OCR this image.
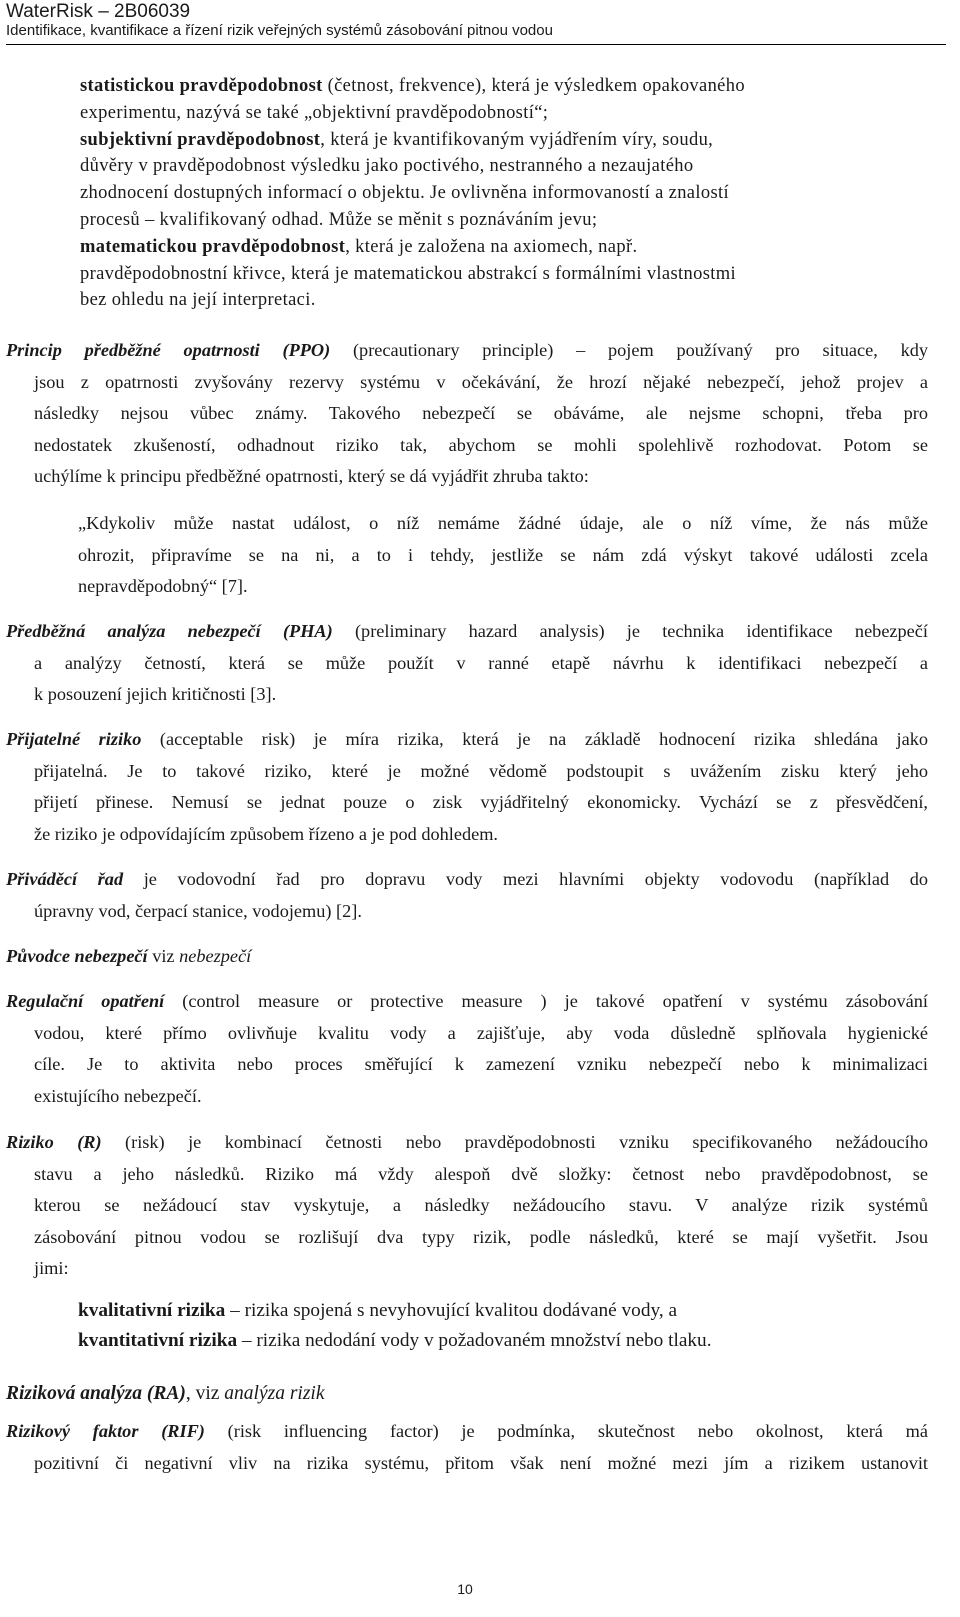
WaterRisk – 2B06039
Identifikace, kvantifikace a řízení rizik veřejných systémů zásobování pitnou vodou
statistickou pravděpodobnost (četnost, frekvence), která je výsledkem opakovaného
experimentu, nazývá se také „objektivní pravděpodobností“;
subjektivní pravděpodobnost, která je kvantifikovaným vyjádřením víry, soudu,
důvěry v pravděpodobnost výsledku jako poctivého, nestranného a nezaujatého
zhodnocení dostupných informací o objektu. Je ovlivněna informovaností a znalostí
procesů – kvalifikovaný odhad. Může se měnit s poznáváním jevu;
matematickou pravděpodobnost, která je založena na axiomech, např.
pravděpodobnostní křivce, která je matematickou abstrakcí s formálními vlastnostmi
bez ohledu na její interpretaci.
Princip předběžné opatrnosti (PPO) (precautionary principle) – pojem používaný pro situace, kdy
jsou z opatrnosti zvyšovány rezervy systému v očekávání, že hrozí nějaké nebezpečí, jehož projev a
následky nejsou vůbec známy. Takového nebezpečí se obáváme, ale nejsme schopni, třeba pro
nedostatek zkušeností, odhadnout riziko tak, abychom se mohli spolehlivě rozhodovat. Potom se
uchýlíme k principu předběžné opatrnosti, který se dá vyjádřit zhruba takto:
„Kdykoliv může nastat událost, o níž nemáme žádné údaje, ale o níž víme, že nás může
ohrozit, připravíme se na ni, a to i tehdy, jestliže se nám zdá výskyt takové události zcela
nepravděpodobný“ [7].
Předběžná analýza nebezpečí (PHA) (preliminary hazard analysis) je technika identifikace nebezpečí
a analýzy četností, která se může použít v ranné etapě návrhu k identifikaci nebezpečí a
k posouzení jejich kritičnosti [3].
Přijatelné riziko (acceptable risk) je míra rizika, která je na základě hodnocení rizika shledána jako
přijatelná. Je to takové riziko, které je možné vědomě podstoupit s uvážením zisku který jeho
přijetí přinese. Nemusí se jednat pouze o zisk vyjádřitelný ekonomicky. Vychází se z přesvědčení,
že riziko je odpovídajícím způsobem řízeno a je pod dohledem.
Přiváděcí řad je vodovodní řad pro dopravu vody mezi hlavními objekty vodovodu (například do
úpravny vod, čerpací stanice, vodojemu) [2].
Původce nebezpečí viz nebezpečí
Regulační opatření (control measure or protective measure ) je takové opatření v systému zásobování
vodou, které přímo ovlivňuje kvalitu vody a zajišťuje, aby voda důsledně splňovala hygienické
cíle. Je to aktivita nebo proces směřující k zamezení vzniku nebezpečí nebo k minimalizaci
existujícího nebezpečí.
Riziko (R) (risk) je kombinací četnosti nebo pravděpodobnosti vzniku specifikovaného nežádoucího
stavu a jeho následků. Riziko má vždy alespoň dvě složky: četnost nebo pravděpodobnost, se
kterou se nežádoucí stav vyskytuje, a následky nežádoucího stavu. V analýze rizik systémů
zásobování pitnou vodou se rozlišují dva typy rizik, podle následků, které se mají vyšetřit. Jsou
jimi:
kvalitativní rizika – rizika spojená s nevyhovující kvalitou dodávané vody, a
kvantitativní rizika – rizika nedodání vody v požadovaném množství nebo tlaku.
Riziková analýza (RA), viz analýza rizik
Rizikový faktor (RIF) (risk influencing factor) je podmínka, skutečnost nebo okolnost, která má
pozitivní či negativní vliv na rizika systému, přitom však není možné mezi jím a rizikem ustanovit
10
